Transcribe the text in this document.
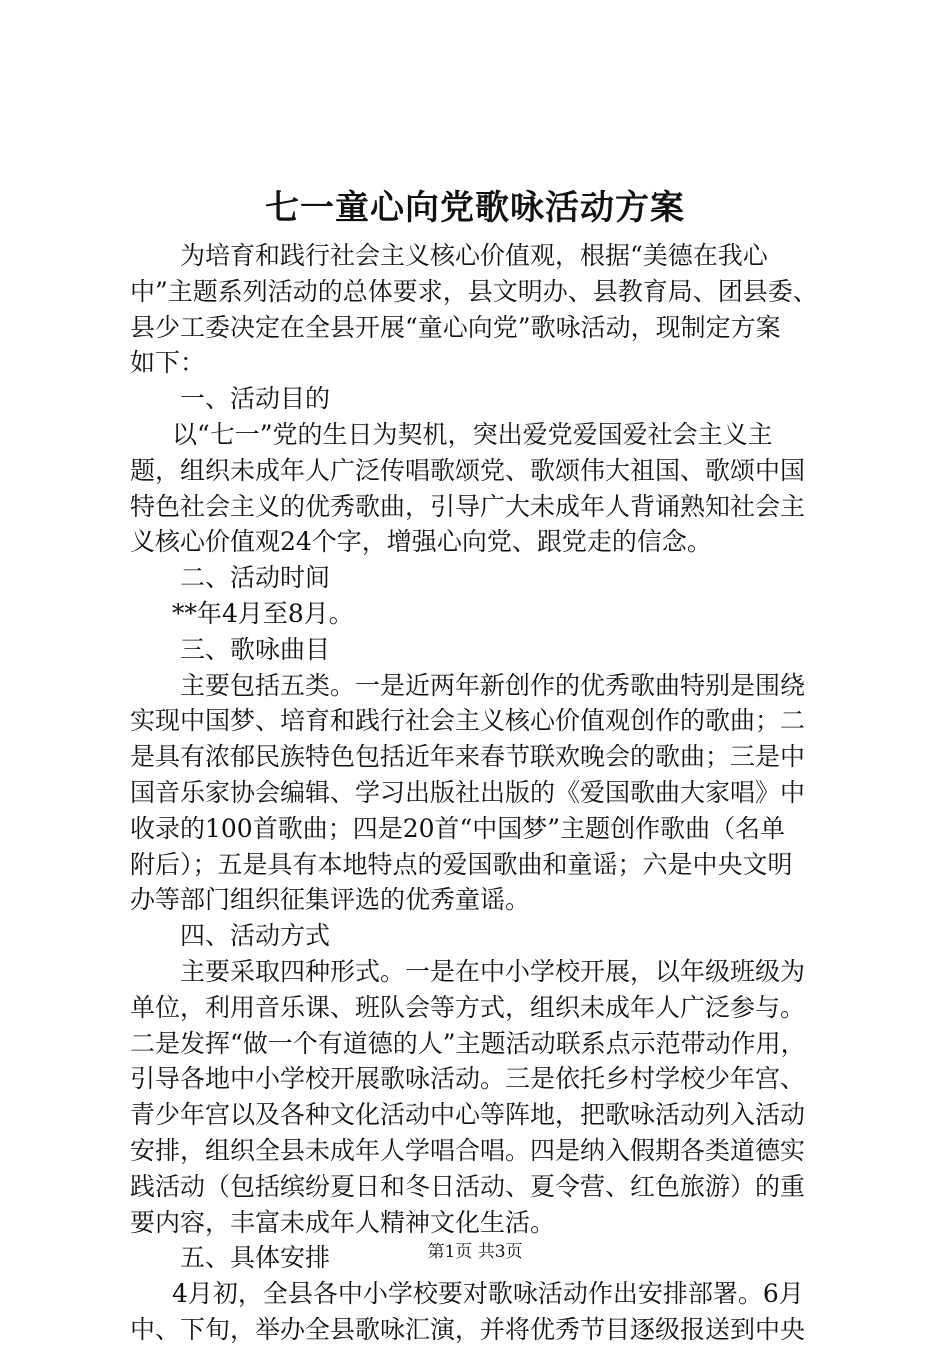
七一童心向党歌咏活动方案
为培育和践行社会主义核心价值观，根据“美德在我心
中”主题系列活动的总体要求，县文明办、县教育局、团县委、
县少工委决定在全县开展“童心向党”歌咏活动，现制定方案
如下：
一、活动目的
以“七一”党的生日为契机，突出爱党爱国爱社会主义主
题，组织未成年人广泛传唱歌颂党、歌颂伟大祖国、歌颂中国
特色社会主义的优秀歌曲，引导广大未成年人背诵熟知社会主
义核心价值观24个字，增强心向党、跟党走的信念。
二、活动时间
**年4月至8月。
三、歌咏曲目
主要包括五类。一是近两年新创作的优秀歌曲特别是围绕
实现中国梦、培育和践行社会主义核心价值观创作的歌曲；二
是具有浓郁民族特色包括近年来春节联欢晚会的歌曲；三是中
国音乐家协会编辑、学习出版社出版的《爱国歌曲大家唱》中
收录的100首歌曲；四是20首“中国梦”主题创作歌曲（名单
附后）；五是具有本地特点的爱国歌曲和童谣；六是中央文明
办等部门组织征集评选的优秀童谣。
四、活动方式
主要采取四种形式。一是在中小学校开展，以年级班级为
单位，利用音乐课、班队会等方式，组织未成年人广泛参与。
二是发挥“做一个有道德的人”主题活动联系点示范带动作用，
引导各地中小学校开展歌咏活动。三是依托乡村学校少年宫、
青少年宫以及各种文化活动中心等阵地，把歌咏活动列入活动
安排，组织全县未成年人学唱合唱。四是纳入假期各类道德实
践活动（包括缤纷夏日和冬日活动、夏令营、红色旅游）的重
要内容，丰富未成年人精神文化生活。
五、具体安排
4月初，全县各中小学校要对歌咏活动作出安排部署。6月
中、下旬，举办全县歌咏汇演，并将优秀节目逐级报送到中央
第1页 共3页
